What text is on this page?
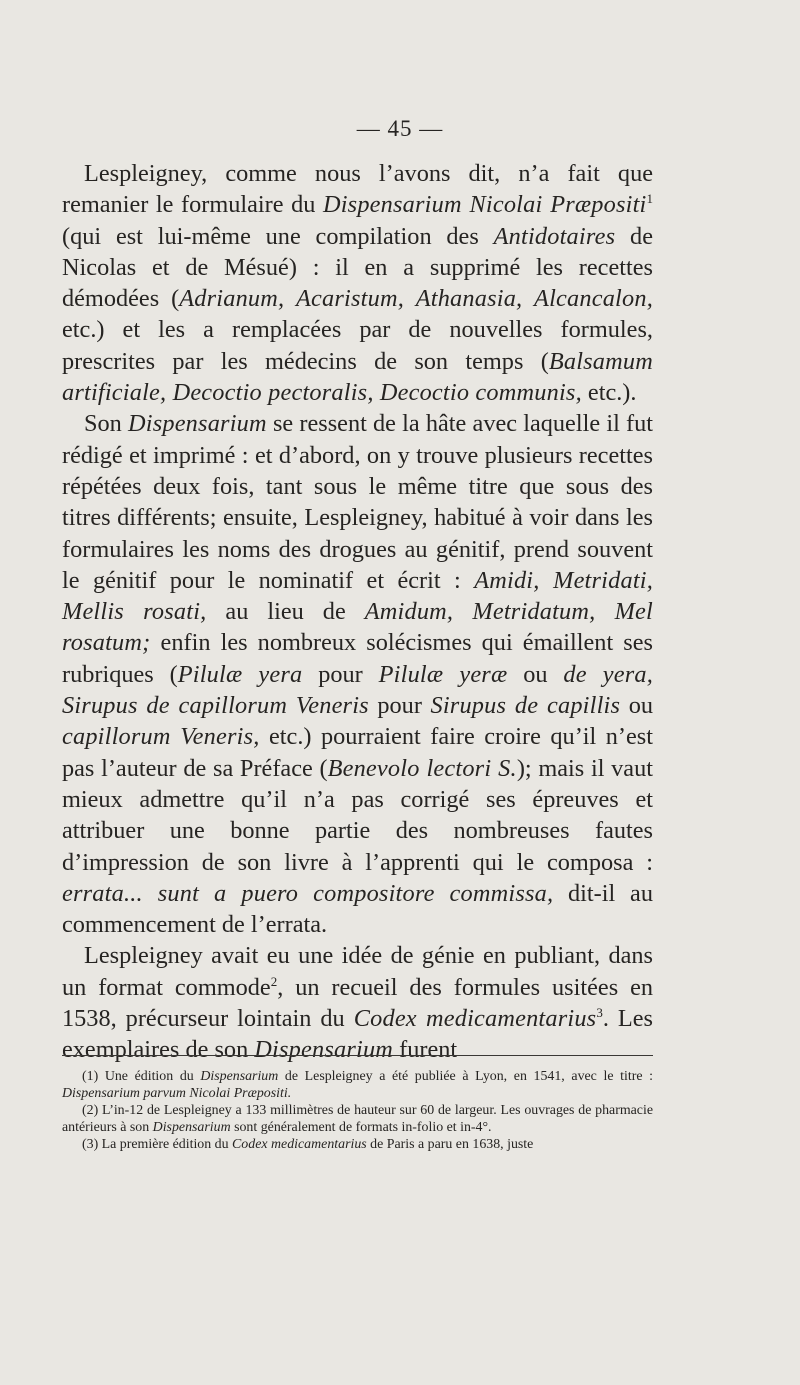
— 45 —

Lespleigney, comme nous l’avons dit, n’a fait que remanier le formulaire du Dispensarium Nicolai Præpositi$^1$ (qui est lui-même une compilation des Antidotaires de Nicolas et de Mésué) : il en a supprimé les recettes démodées (Adrianum, Acaristum, Athanasia, Alcancalon, etc.) et les a remplacées par de nouvelles formules, prescrites par les médecins de son temps (Balsamum artificiale, Decoctio pectoralis, Decoctio communis, etc.).

Son Dispensarium se ressent de la hâte avec laquelle il fut rédigé et imprimé : et d’abord, on y trouve plusieurs recettes répétées deux fois, tant sous le même titre que sous des titres différents; ensuite, Lespleigney, habitué à voir dans les formulaires les noms des drogues au génitif, prend souvent le génitif pour le nominatif et écrit : Amidi, Metridati, Mellis rosati, au lieu de Amidum, Metridatum, Mel rosatum; enfin les nombreux solécismes qui émaillent ses rubriques (Pilulæ yera pour Pilulæ yeræ ou de yera, Sirupus de capillorum Veneris pour Sirupus de capillis ou capillorum Veneris, etc.) pourraient faire croire qu’il n’est pas l’auteur de sa Préface (Benevolo lectori S.); mais il vaut mieux admettre qu’il n’a pas corrigé ses épreuves et attribuer une bonne partie des nombreuses fautes d’impression de son livre à l’apprenti qui le composa : errata... sunt a puero compositore commissa, dit-il au commencement de l’errata.

Lespleigney avait eu une idée de génie en publiant, dans un format commode$^2$, un recueil des formules usitées en 1538, précurseur lointain du Codex medicamentarius$^3$. Les exemplaires de son Dispensarium furent

(1) Une édition du Dispensarium de Lespleigney a été publiée à Lyon, en 1541, avec le titre : Dispensarium parvum Nicolai Præpositi.

(2) L’in-12 de Lespleigney a 133 millimètres de hauteur sur 60 de largeur. Les ouvrages de pharmacie antérieurs à son Dispensarium sont généralement de formats in-folio et in-4°.

(3) La première édition du Codex medicamentarius de Paris a paru en 1638, juste
